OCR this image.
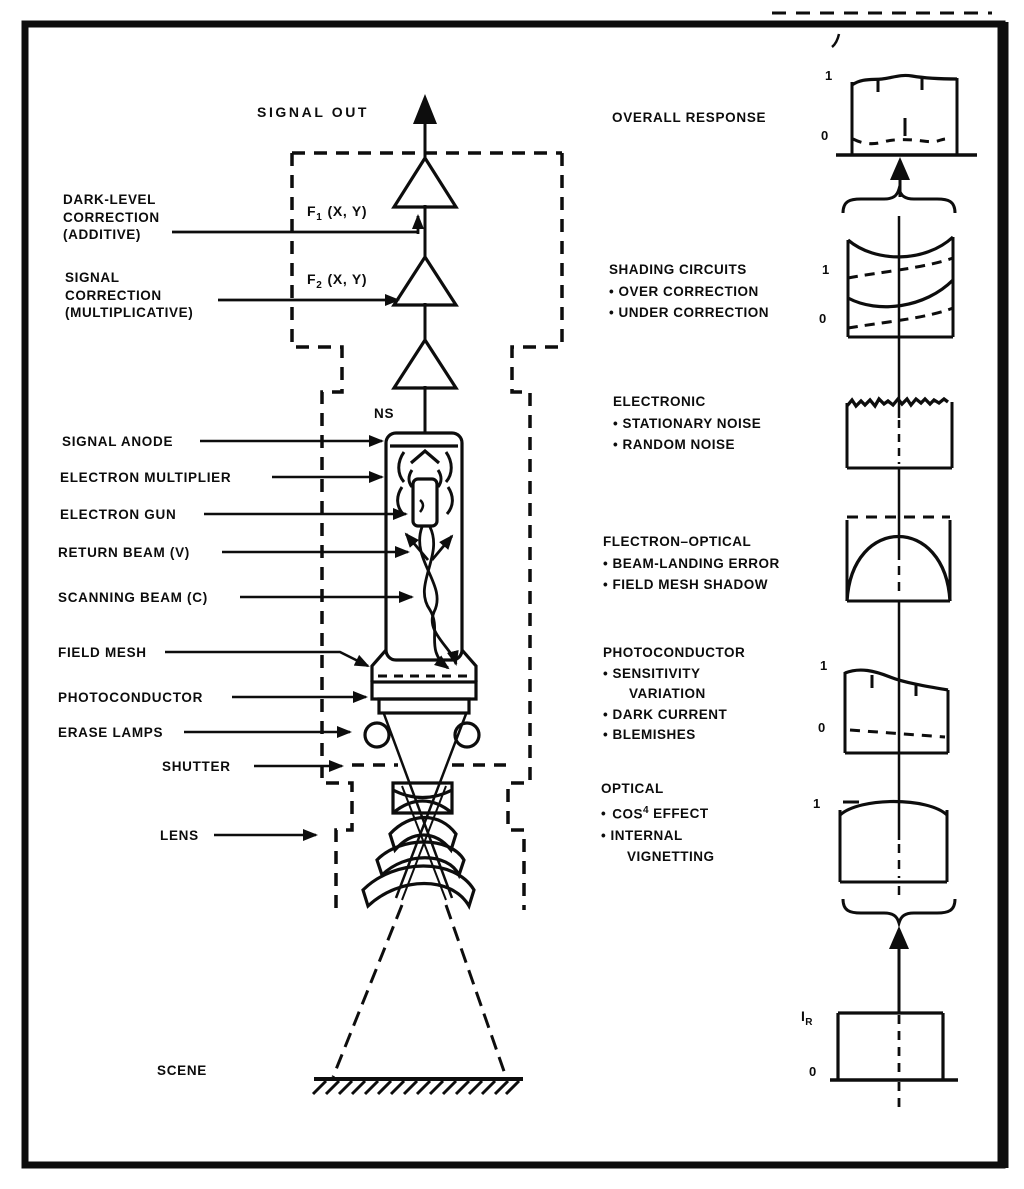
SIGNAL OUT
DARK-LEVEL
CORRECTION
(ADDITIVE)
SIGNAL
CORRECTION
(MULTIPLICATIVE)
$F_1$ (X, Y)
$F_2$ (X, Y)
NS
SIGNAL ANODE
ELECTRON MULTIPLIER
ELECTRON GUN
RETURN BEAM (V)
SCANNING BEAM (C)
FIELD MESH
PHOTOCONDUCTOR
ERASE LAMPS
SHUTTER
LENS
SCENE
OVERALL RESPONSE
1
0
SHADING CIRCUITS
• OVER CORRECTION
• UNDER CORRECTION
1
0
ELECTRONIC
• STATIONARY NOISE
• RANDOM NOISE
FLECTRON–OPTICAL
• BEAM-LANDING ERROR
• FIELD MESH SHADOW
PHOTOCONDUCTOR
• SENSITIVITY
VARIATION
• DARK CURRENT
• BLEMISHES
1
0
OPTICAL
• COS$^4$ EFFECT
• INTERNAL
VIGNETTING
1
$I_R$
0
